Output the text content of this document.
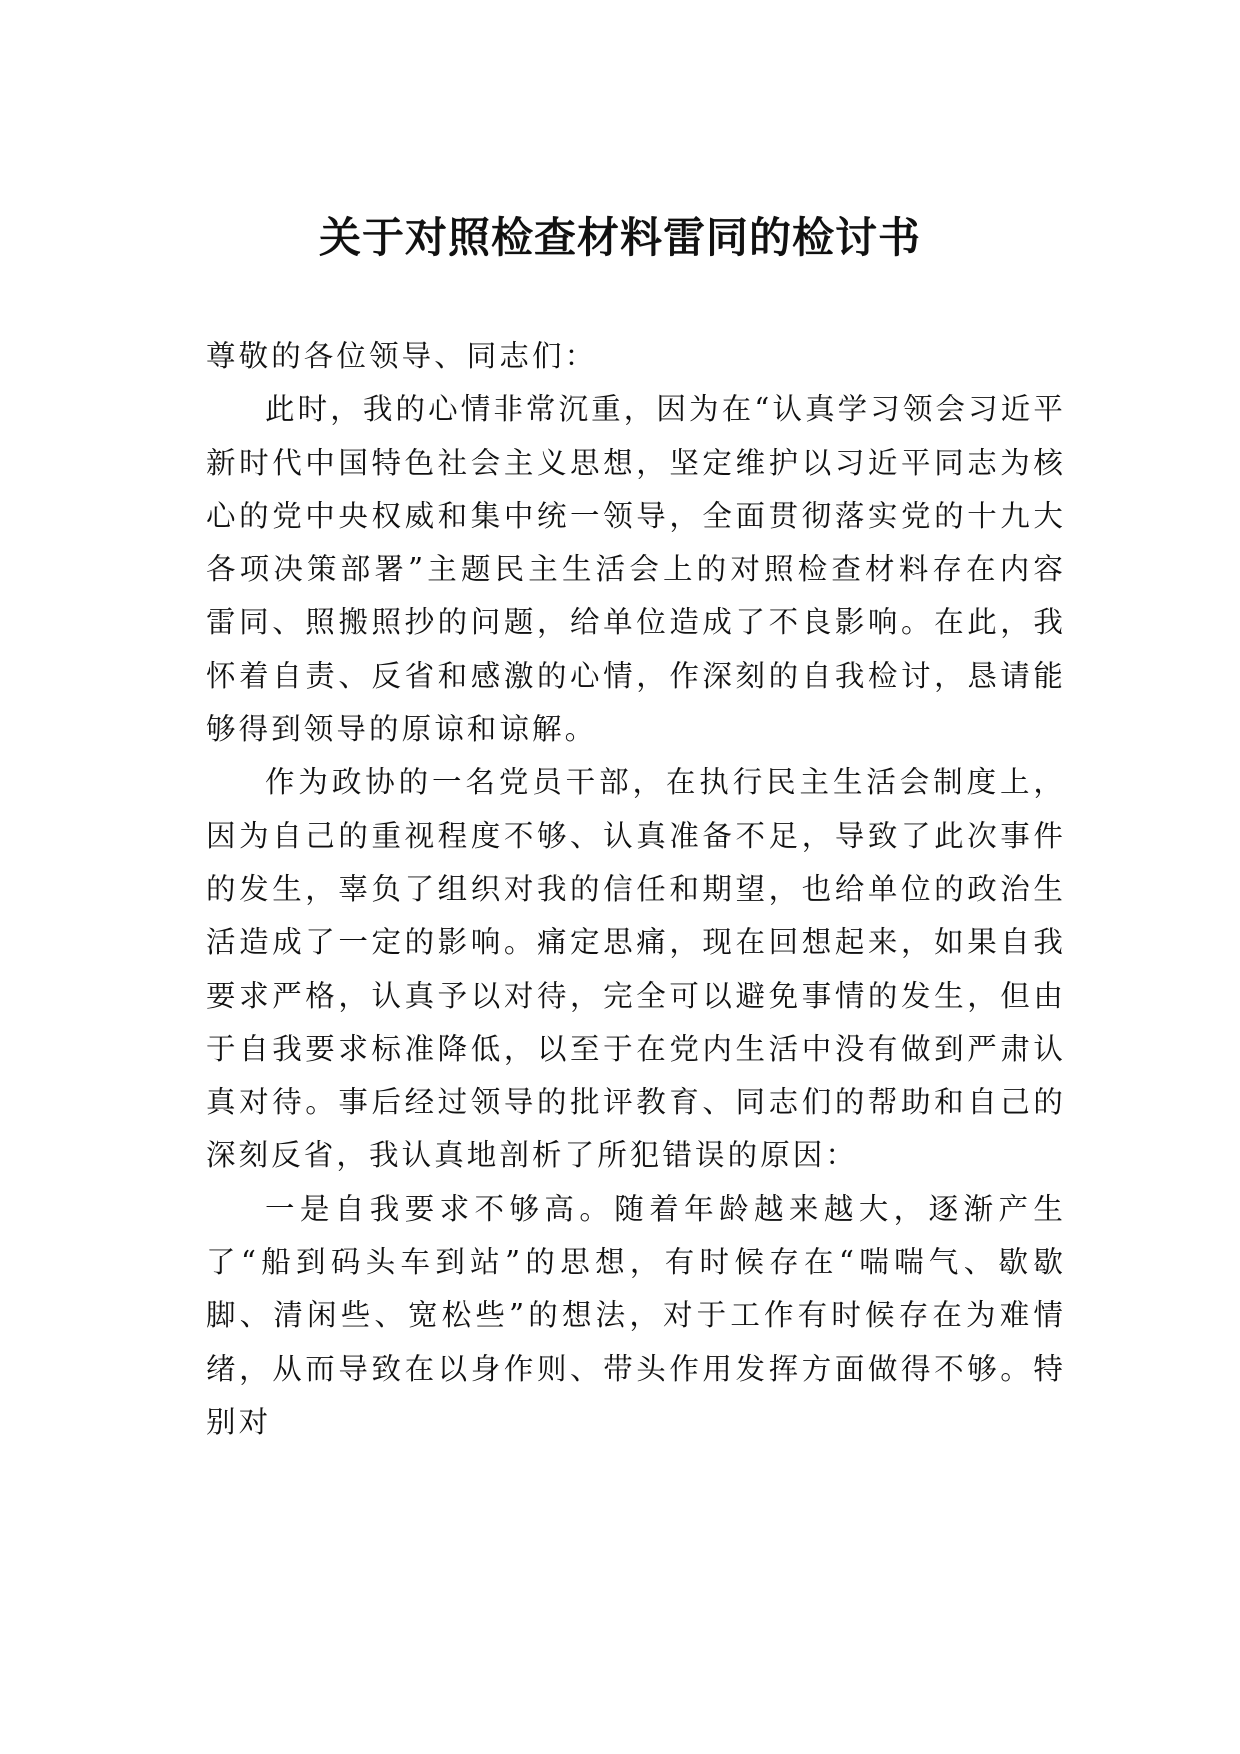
关于对照检查材料雷同的检讨书
尊敬的各位领导、同志们：

此时，我的心情非常沉重，因为在“认真学习领会习近平新时代中国特色社会主义思想，坚定维护以习近平同志为核心的党中央权威和集中统一领导，全面贯彻落实党的十九大各项决策部署”主题民主生活会上的对照检查材料存在内容雷同、照搬照抄的问题，给单位造成了不良影响。在此，我怀着自责、反省和感激的心情，作深刻的自我检讨，恳请能够得到领导的原谅和谅解。

作为政协的一名党员干部，在执行民主生活会制度上，因为自己的重视程度不够、认真准备不足，导致了此次事件的发生，辜负了组织对我的信任和期望，也给单位的政治生活造成了一定的影响。痛定思痛，现在回想起来，如果自我要求严格，认真予以对待，完全可以避免事情的发生，但由于自我要求标准降低，以至于在党内生活中没有做到严肃认真对待。事后经过领导的批评教育、同志们的帮助和自己的深刻反省，我认真地剖析了所犯错误的原因：

一是自我要求不够高。随着年龄越来越大，逐渐产生了“船到码头车到站”的思想，有时候存在“喘喘气、歇歇脚、清闲些、宽松些”的想法，对于工作有时候存在为难情绪，从而导致在以身作则、带头作用发挥方面做得不够。特别对
